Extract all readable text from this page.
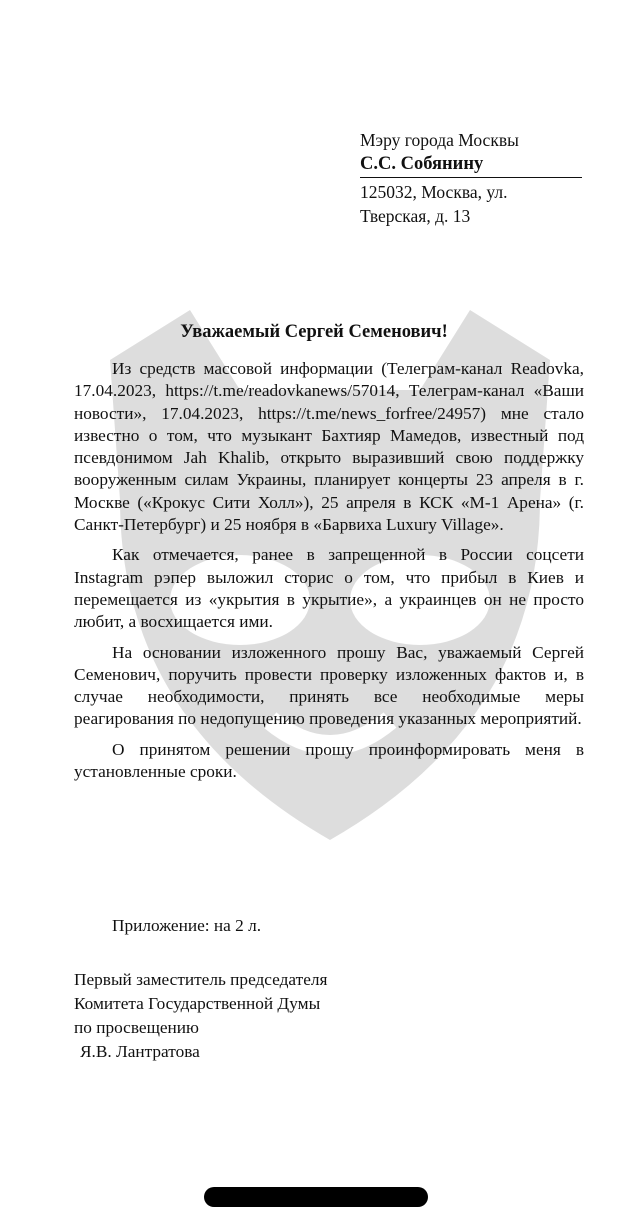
Мэру города Москвы
С.С. Собянину
125032, Москва, ул.
Тверская, д. 13
Уважаемый Сергей Семенович!

Из средств массовой информации (Телеграм-канал Readovka, 17.04.2023, https://t.me/readovkanews/57014, Телеграм-канал «Ваши новости», 17.04.2023, https://t.me/news_forfree/24957) мне стало известно о том, что музыкант Бахтияр Мамедов, известный под псевдонимом Jah Khalib, открыто выразивший свою поддержку вооруженным силам Украины, планирует концерты 23 апреля в г. Москве («Крокус Сити Холл»), 25 апреля в КСК «М-1 Арена» (г. Санкт-Петербург) и 25 ноября в «Барвиха Luxury Village».

Как отмечается, ранее в запрещенной в России соцсети Instagram рэпер выложил сторис о том, что прибыл в Киев и перемещается из «укрытия в укрытие», а украинцев он не просто любит, а восхищается ими.

На основании изложенного прошу Вас, уважаемый Сергей Семенович, поручить провести проверку изложенных фактов и, в случае необходимости, принять все необходимые меры реагирования по недопущению проведения указанных мероприятий.

О принятом решении прошу проинформировать меня в установленные сроки.

Приложение: на 2 л.
Первый заместитель председателя
Комитета Государственной Думы
по просвещению
Я.В. Лантратова
